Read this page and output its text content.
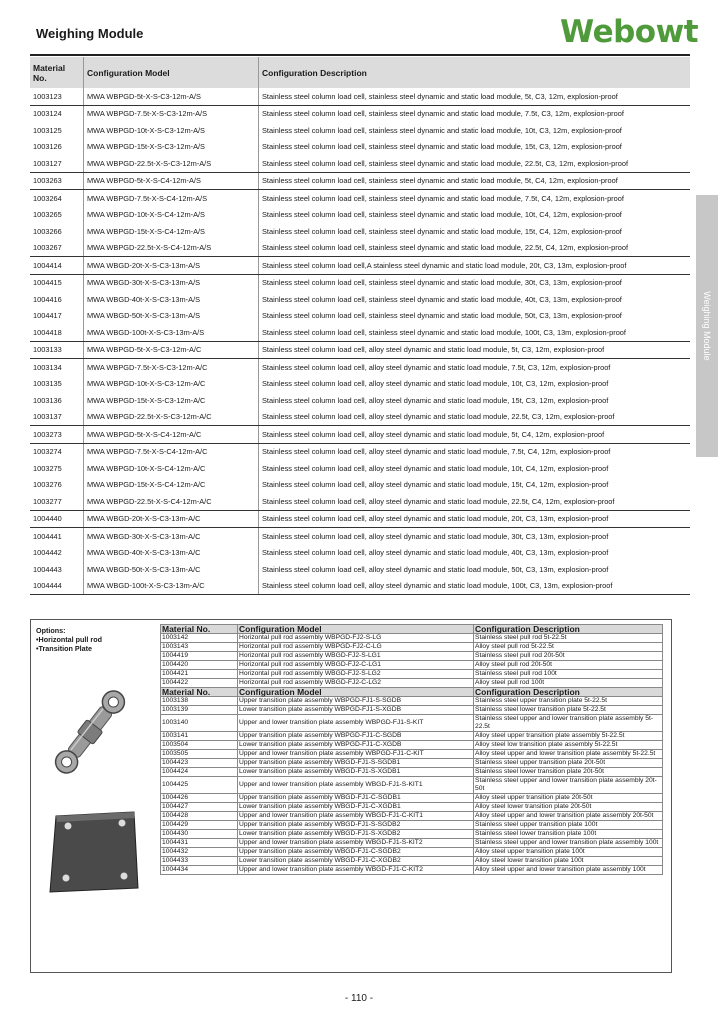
Weighing Module	Webowt
Weighing Module
Material No.	Configuration Model	Configuration Description
1003123	MWA WBPGD-5t-X-S-C3-12m-A/S	Stainless steel column load cell, stainless steel dynamic and static load module, 5t, C3, 12m, explosion-proof
1003124	MWA WBPGD-7.5t-X-S-C3-12m-A/S	Stainless steel column load cell, stainless steel dynamic and static load module, 7.5t, C3, 12m, explosion-proof
1003125	MWA WBPGD-10t-X-S-C3-12m-A/S	Stainless steel column load cell, stainless steel dynamic and static load module, 10t, C3, 12m, explosion-proof
1003126	MWA WBPGD-15t-X-S-C3-12m-A/S	Stainless steel column load cell, stainless steel dynamic and static load module, 15t, C3, 12m, explosion-proof
1003127	MWA WBPGD-22.5t-X-S-C3-12m-A/S	Stainless steel column load cell, stainless steel dynamic and static load module, 22.5t, C3, 12m, explosion-proof
1003263	MWA WBPGD-5t-X-S-C4-12m-A/S	Stainless steel column load cell, stainless steel dynamic and static load module, 5t, C4, 12m, explosion-proof
1003264	MWA WBPGD-7.5t-X-S-C4-12m-A/S	Stainless steel column load cell, stainless steel dynamic and static load module, 7.5t, C4, 12m, explosion-proof
1003265	MWA WBPGD-10t-X-S-C4-12m-A/S	Stainless steel column load cell, stainless steel dynamic and static load module, 10t, C4, 12m, explosion-proof
1003266	MWA WBPGD-15t-X-S-C4-12m-A/S	Stainless steel column load cell, stainless steel dynamic and static load module, 15t, C4, 12m, explosion-proof
1003267	MWA WBPGD-22.5t-X-S-C4-12m-A/S	Stainless steel column load cell, stainless steel dynamic and static load module, 22.5t, C4, 12m, explosion-proof
1004414	MWA WBGD-20t-X-S-C3-13m-A/S	Stainless steel column load cell,A stainless steel dynamic and static load module, 20t, C3, 13m, explosion-proof
1004415	MWA WBGD-30t-X-S-C3-13m-A/S	Stainless steel column load cell, stainless steel dynamic and static load module, 30t, C3, 13m, explosion-proof
1004416	MWA WBGD-40t-X-S-C3-13m-A/S	Stainless steel column load cell, stainless steel dynamic and static load module, 40t, C3, 13m, explosion-proof
1004417	MWA WBGD-50t-X-S-C3-13m-A/S	Stainless steel column load cell, stainless steel dynamic and static load module, 50t, C3, 13m, explosion-proof
1004418	MWA WBGD-100t-X-S-C3-13m-A/S	Stainless steel column load cell, stainless steel dynamic and static load module, 100t, C3, 13m, explosion-proof
1003133	MWA WBPGD-5t-X-S-C3-12m-A/C	Stainless steel column load cell, alloy steel dynamic and static load module, 5t, C3, 12m, explosion-proof
1003134	MWA WBPGD-7.5t-X-S-C3-12m-A/C	Stainless steel column load cell, alloy steel dynamic and static load module, 7.5t, C3, 12m, explosion-proof
1003135	MWA WBPGD-10t-X-S-C3-12m-A/C	Stainless steel column load cell, alloy steel dynamic and static load module, 10t, C3, 12m, explosion-proof
1003136	MWA WBPGD-15t-X-S-C3-12m-A/C	Stainless steel column load cell, alloy steel dynamic and static load module, 15t, C3, 12m, explosion-proof
1003137	MWA WBPGD-22.5t-X-S-C3-12m-A/C	Stainless steel column load cell, alloy steel dynamic and static load module, 22.5t, C3, 12m, explosion-proof
1003273	MWA WBPGD-5t-X-S-C4-12m-A/C	Stainless steel column load cell, alloy steel dynamic and static load module, 5t, C4, 12m, explosion-proof
1003274	MWA WBPGD-7.5t-X-S-C4-12m-A/C	Stainless steel column load cell, alloy steel dynamic and static load module, 7.5t, C4, 12m, explosion-proof
1003275	MWA WBPGD-10t-X-S-C4-12m-A/C	Stainless steel column load cell, alloy steel dynamic and static load module, 10t, C4, 12m, explosion-proof
1003276	MWA WBPGD-15t-X-S-C4-12m-A/C	Stainless steel column load cell, alloy steel dynamic and static load module, 15t, C4, 12m, explosion-proof
1003277	MWA WBPGD-22.5t-X-S-C4-12m-A/C	Stainless steel column load cell, alloy steel dynamic and static load module, 22.5t, C4, 12m, explosion-proof
1004440	MWA WBGD-20t-X-S-C3-13m-A/C	Stainless steel column load cell, alloy steel dynamic and static load module, 20t, C3, 13m, explosion-proof
1004441	MWA WBGD-30t-X-S-C3-13m-A/C	Stainless steel column load cell, alloy steel dynamic and static load module, 30t, C3, 13m, explosion-proof
1004442	MWA WBGD-40t-X-S-C3-13m-A/C	Stainless steel column load cell, alloy steel dynamic and static load module, 40t, C3, 13m, explosion-proof
1004443	MWA WBGD-50t-X-S-C3-13m-A/C	Stainless steel column load cell, alloy steel dynamic and static load module, 50t, C3, 13m, explosion-proof
1004444	MWA WBGD-100t-X-S-C3-13m-A/C	Stainless steel column load cell, alloy steel dynamic and static load module, 100t, C3, 13m, explosion-proof
Options:
•Horizontal pull rod
•Transition Plate
Material No.	Configuration Model	Configuration Description
1003142	Horizontal pull rod assembly WBPGD-FJ2-S-LG	Stainless steel pull rod 5t-22.5t
1003143	Horizontal pull rod assembly WBPGD-FJ2-C-LG	Alloy steel pull rod 5t-22.5t
1004419	Horizontal pull rod assembly WBGD-FJ2-S-LG1	Stainless steel pull rod 20t-50t
1004420	Horizontal pull rod assembly WBGD-FJ2-C-LG1	Alloy steel pull rod 20t-50t
1004421	Horizontal pull rod assembly WBGD-FJ2-S-LG2	Stainless steel pull rod 100t
1004422	Horizontal pull rod assembly WBGD-FJ2-C-LG2	Alloy steel pull rod 100t
Material No.	Configuration Model	Configuration Description
1003138	Upper transition plate assembly WBPGD-FJ1-S-SGDB	Stainless steel upper transition plate 5t-22.5t
1003139	Lower transition plate assembly WBPGD-FJ1-S-XGDB	Stainless steel lower transition plate 5t-22.5t
1003140	Upper and lower transition plate assembly WBPGD-FJ1-S-KIT	Stainless steel upper and lower transition plate assembly 5t-22.5t
1003141	Upper transition plate assembly WBPGD-FJ1-C-SGDB	Alloy steel upper transition plate assembly 5t-22.5t
1003504	Lower transition plate assembly WBPGD-FJ1-C-XGDB	Alloy steel low transition plate assembly 5t-22.5t
1003505	Upper and lower transition plate assembly WBPGD-FJ1-C-KIT	Alloy steel upper and lower transition plate assembly 5t-22.5t
1004423	Upper transition plate assembly WBGD-FJ1-S-SGDB1	Stainless steel upper transition plate 20t-50t
1004424	Lower transition plate assembly WBGD-FJ1-S-XGDB1	Stainless steel lower transition plate 20t-50t
1004425	Upper and lower transition plate assembly WBGD-FJ1-S-KIT1	Stainless steel upper and lower transition plate assembly 20t-50t
1004426	Upper transition plate assembly WBGD-FJ1-C-SGDB1	Alloy steel upper transition plate 20t-50t
1004427	Lower transition plate assembly WBGD-FJ1-C-XGDB1	Alloy steel lower transition plate 20t-50t
1004428	Upper and lower transition plate assembly WBGD-FJ1-C-KIT1	Alloy steel upper and lower transition plate assembly 20t-50t
1004429	Upper transition plate assembly WBGD-FJ1-S-SGDB2	Stainless steel upper transition plate 100t
1004430	Lower transition plate assembly WBGD-FJ1-S-XGDB2	Stainless steel lower transition plate 100t
1004431	Upper and lower transition plate assembly WBGD-FJ1-S-KIT2	Stainless steel upper and lower transition plate assembly 100t
1004432	Upper transition plate assembly WBGD-FJ1-C-SGDB2	Alloy steel upper transition plate 100t
1004433	Lower transition plate assembly WBGD-FJ1-C-XGDB2	Alloy steel lower transition plate 100t
1004434	Upper and lower transition plate assembly WBGD-FJ1-C-KIT2	Alloy steel upper and lower transition plate assembly 100t
- 110 -
